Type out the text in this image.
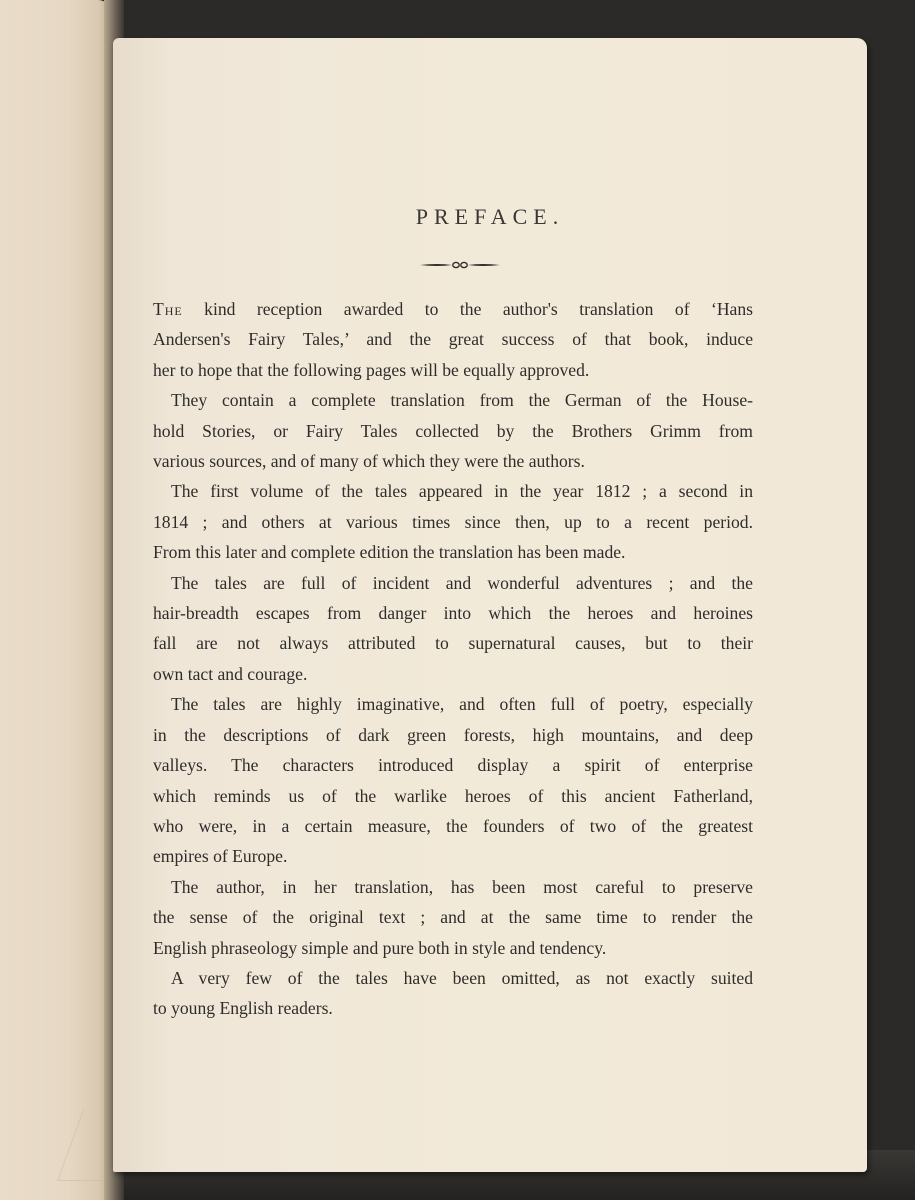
PREFACE.
The kind reception awarded to the author's translation of ‘Hans
Andersen's Fairy Tales,’ and the great success of that book, induce
her to hope that the following pages will be equally approved.
They contain a complete translation from the German of the House-
hold Stories, or Fairy Tales collected by the Brothers Grimm from
various sources, and of many of which they were the authors.
The first volume of the tales appeared in the year 1812 ; a second in
1814 ; and others at various times since then, up to a recent period.
From this later and complete edition the translation has been made.
The tales are full of incident and wonderful adventures ; and the
hair-breadth escapes from danger into which the heroes and heroines
fall are not always attributed to supernatural causes, but to their
own tact and courage.
The tales are highly imaginative, and often full of poetry, especially
in the descriptions of dark green forests, high mountains, and deep
valleys. The characters introduced display a spirit of enterprise
which reminds us of the warlike heroes of this ancient Fatherland,
who were, in a certain measure, the founders of two of the greatest
empires of Europe.
The author, in her translation, has been most careful to preserve
the sense of the original text ; and at the same time to render the
English phraseology simple and pure both in style and tendency.
A very few of the tales have been omitted, as not exactly suited
to young English readers.
